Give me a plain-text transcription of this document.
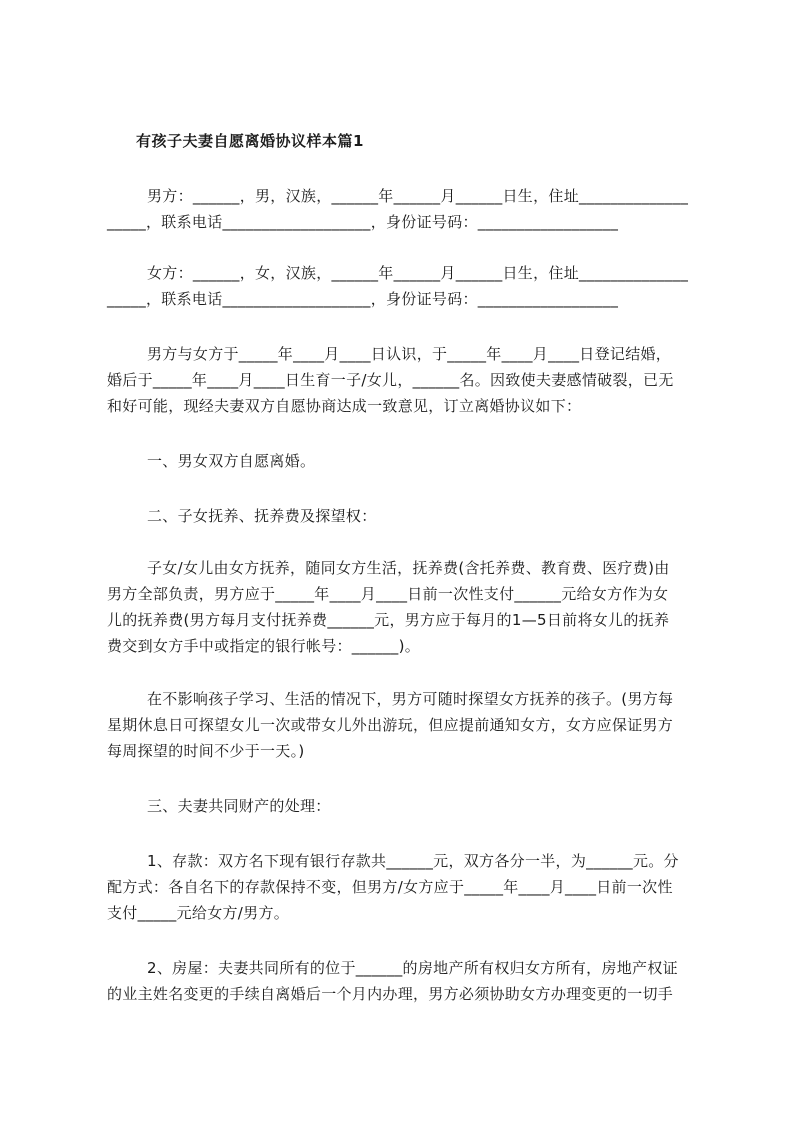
有孩子夫妻自愿离婚协议样本篇1
男方：______，男，汉族，______年______月______日生，住址______________
_____，联系电话___________________，身份证号码：__________________
女方：______，女，汉族，______年______月______日生，住址______________
_____，联系电话___________________，身份证号码：__________________
男方与女方于_____年____月____日认识，于_____年____月____日登记结婚，
婚后于_____年____月____日生育一子/女儿，______名。因致使夫妻感情破裂，已无
和好可能，现经夫妻双方自愿协商达成一致意见，订立离婚协议如下：
一、男女双方自愿离婚。
二、子女抚养、抚养费及探望权：
子女/女儿由女方抚养，随同女方生活，抚养费(含托养费、教育费、医疗费)由
男方全部负责，男方应于_____年____月____日前一次性支付______元给女方作为女
儿的抚养费(男方每月支付抚养费______元，男方应于每月的1—5日前将女儿的抚养
费交到女方手中或指定的银行帐号：______)。
在不影响孩子学习、生活的情况下，男方可随时探望女方抚养的孩子。(男方每
星期休息日可探望女儿一次或带女儿外出游玩，但应提前通知女方，女方应保证男方
每周探望的时间不少于一天。)
三、夫妻共同财产的处理：
1、存款：双方名下现有银行存款共______元，双方各分一半，为______元。分
配方式：各自名下的存款保持不变，但男方/女方应于_____年____月____日前一次性
支付_____元给女方/男方。
2、房屋：夫妻共同所有的位于______的房地产所有权归女方所有，房地产权证
的业主姓名变更的手续自离婚后一个月内办理，男方必须协助女方办理变更的一切手
